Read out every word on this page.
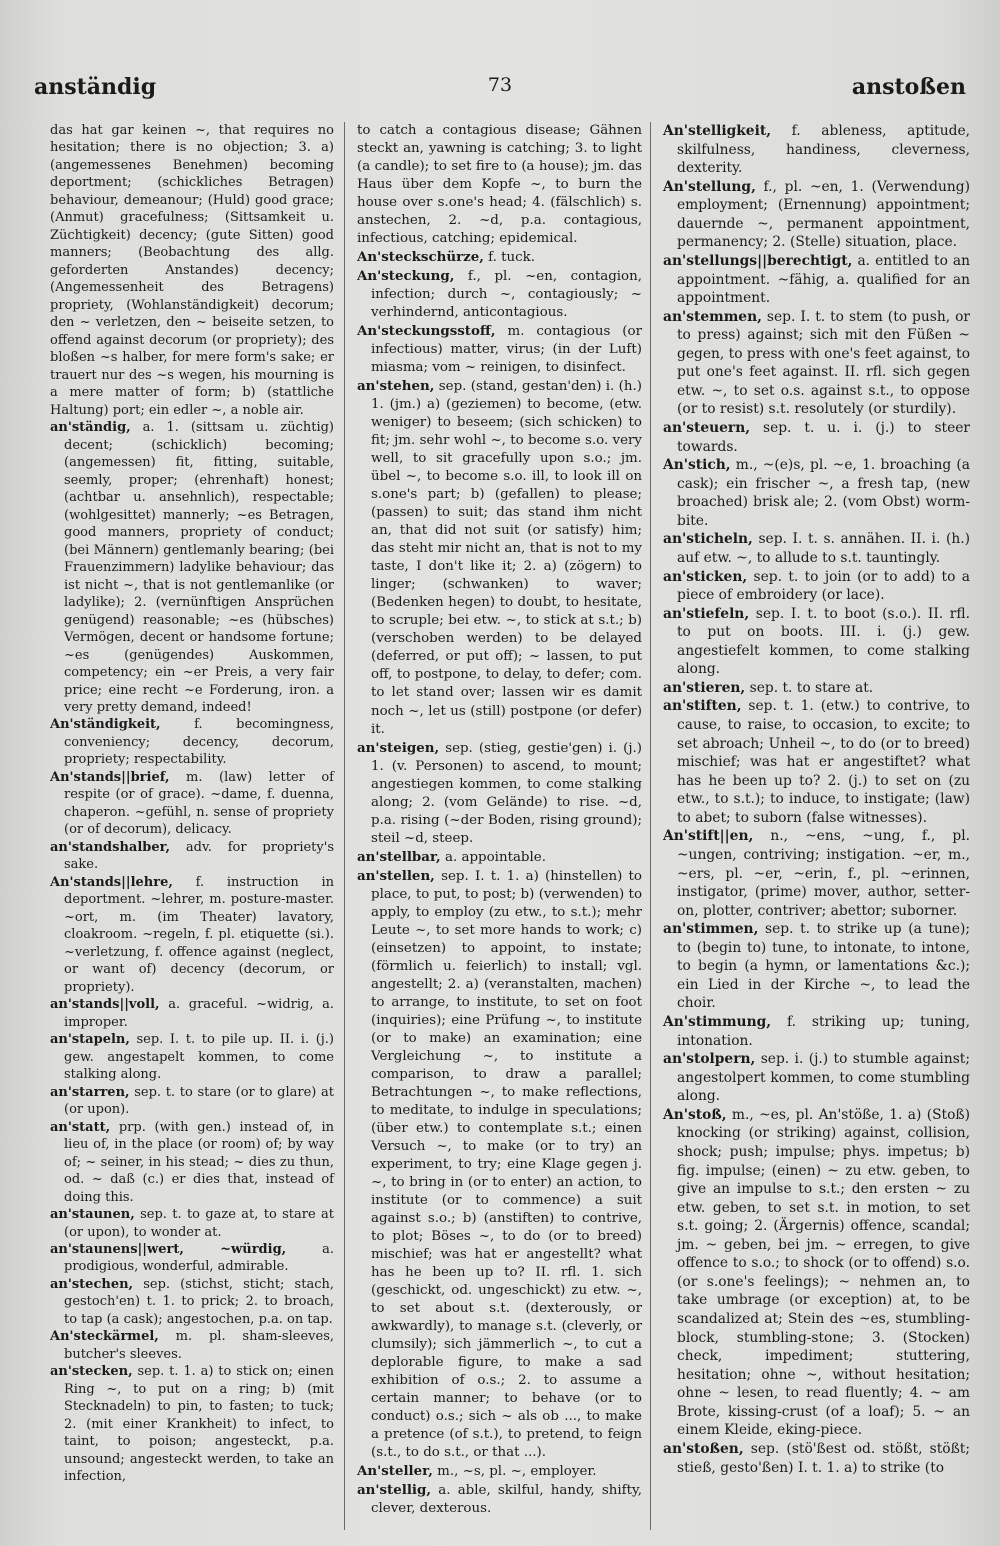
anständig	73	anstoßen

das hat gar keinen ~, that requires no hesitation; there is no objection; 3. a) (angemessenes Benehmen) becoming deportment; (schickliches Betragen) behaviour, demeanour; (Huld) good grace; (Anmut) gracefulness; (Sittsamkeit u. Züchtigkeit) decency; (gute Sitten) good manners; (Beobachtung des allg. geforderten Anstandes) decency; (Angemessenheit des Betragens) propriety, (Wohlanständigkeit) decorum; den ~ verletzen, den ~ beiseite setzen, to offend against decorum (or propriety); des bloßen ~s halber, for mere form's sake; er trauert nur des ~s wegen, his mourning is a mere matter of form; b) (stattliche Haltung) port; ein edler ~, a noble air.

an'ständig, a. 1. (sittsam u. züchtig) decent; (schicklich) becoming; (angemessen) fit, fitting, suitable, seemly, proper; (ehrenhaft) honest; (achtbar u. ansehnlich), respectable; (wohlgesittet) mannerly; ~es Betragen, good manners, propriety of conduct; (bei Männern) gentlemanly bearing; (bei Frauenzimmern) ladylike behaviour; das ist nicht ~, that is not gentlemanlike (or ladylike); 2. (vernünftigen Ansprüchen genügend) reasonable; ~es (hübsches) Vermögen, decent or handsome fortune; ~es (genügendes) Auskommen, competency; ein ~er Preis, a very fair price; eine recht ~e Forderung, iron. a very pretty demand, indeed!

An'ständigkeit, f. becomingness, conveniency; decency, decorum, propriety; respectability.

An'stands||brief, m. (law) letter of respite (or of grace). ~dame, f. duenna, chaperon. ~gefühl, n. sense of propriety (or of decorum), delicacy.

an'standshalber, adv. for propriety's sake.

An'stands||lehre, f. instruction in deportment. ~lehrer, m. posture-master. ~ort, m. (im Theater) lavatory, cloakroom. ~regeln, f. pl. etiquette (si.). ~verletzung, f. offence against (neglect, or want of) decency (decorum, or propriety).

an'stands||voll, a. graceful. ~widrig, a. improper.

an'stapeln, sep. I. t. to pile up. II. i. (j.) gew. angestapelt kommen, to come stalking along.

an'starren, sep. t. to stare (or to glare) at (or upon).

an'statt, prp. (with gen.) instead of, in lieu of, in the place (or room) of; by way of; ~ seiner, in his stead; ~ dies zu thun, od. ~ daß (c.) er dies that, instead of doing this.

an'staunen, sep. t. to gaze at, to stare at (or upon), to wonder at.

an'staunens||wert, ~würdig, a. prodigious, wonderful, admirable.

an'stechen, sep. (stichst, sticht; stach, gestoch'en) t. 1. to prick; 2. to broach, to tap (a cask); angestochen, p.a. on tap.

An'steckärmel, m. pl. sham-sleeves, butcher's sleeves.

an'stecken, sep. t. 1. a) to stick on; einen Ring ~, to put on a ring; b) (mit Stecknadeln) to pin, to fasten; to tuck; 2. (mit einer Krankheit) to infect, to taint, to poison; angesteckt, p.a. unsound; angesteckt werden, to take an infection,

to catch a contagious disease; Gähnen steckt an, yawning is catching; 3. to light (a candle); to set fire to (a house); jm. das Haus über dem Kopfe ~, to burn the house over s.one's head; 4. (fälschlich) s. anstechen, 2. ~d, p.a. contagious, infectious, catching; epidemical.

An'steckschürze, f. tuck.

An'steckung, f., pl. ~en, contagion, infection; durch ~, contagiously; ~ verhindernd, anticontagious.

An'steckungsstoff, m. contagious (or infectious) matter, virus; (in der Luft) miasma; vom ~ reinigen, to disinfect.

an'stehen, sep. (stand, gestan'den) i. (h.) 1. (jm.) a) (geziemen) to become, (etw. weniger) to beseem; (sich schicken) to fit; jm. sehr wohl ~, to become s.o. very well, to sit gracefully upon s.o.; jm. übel ~, to become s.o. ill, to look ill on s.one's part; b) (gefallen) to please; (passen) to suit; das stand ihm nicht an, that did not suit (or satisfy) him; das steht mir nicht an, that is not to my taste, I don't like it; 2. a) (zögern) to linger; (schwanken) to waver; (Bedenken hegen) to doubt, to hesitate, to scruple; bei etw. ~, to stick at s.t.; b) (verschoben werden) to be delayed (deferred, or put off); ~ lassen, to put off, to postpone, to delay, to defer; com. to let stand over; lassen wir es damit noch ~, let us (still) postpone (or defer) it.

an'steigen, sep. (stieg, gestie'gen) i. (j.) 1. (v. Personen) to ascend, to mount; angestiegen kommen, to come stalking along; 2. (vom Gelände) to rise. ~d, p.a. rising (~der Boden, rising ground); steil ~d, steep.

an'stellbar, a. appointable.

an'stellen, sep. I. t. 1. a) (hinstellen) to place, to put, to post; b) (verwenden) to apply, to employ (zu etw., to s.t.); mehr Leute ~, to set more hands to work; c) (einsetzen) to appoint, to instate; (förmlich u. feierlich) to install; vgl. angestellt; 2. a) (veranstalten, machen) to arrange, to institute, to set on foot (inquiries); eine Prüfung ~, to institute (or to make) an examination; eine Vergleichung ~, to institute a comparison, to draw a parallel; Betrachtungen ~, to make reflections, to meditate, to indulge in speculations; (über etw.) to contemplate s.t.; einen Versuch ~, to make (or to try) an experiment, to try; eine Klage gegen j. ~, to bring in (or to enter) an action, to institute (or to commence) a suit against s.o.; b) (anstiften) to contrive, to plot; Böses ~, to do (or to breed) mischief; was hat er angestellt? what has he been up to? II. rfl. 1. sich (geschickt, od. ungeschickt) zu etw. ~, to set about s.t. (dexterously, or awkwardly), to manage s.t. (cleverly, or clumsily); sich jämmerlich ~, to cut a deplorable figure, to make a sad exhibition of o.s.; 2. to assume a certain manner; to behave (or to conduct) o.s.; sich ~ als ob ..., to make a pretence (of s.t.), to pretend, to feign (s.t., to do s.t., or that ...).

An'steller, m., ~s, pl. ~, employer.

an'stellig, a. able, skilful, handy, shifty, clever, dexterous.

An'stelligkeit, f. ableness, aptitude, skilfulness, handiness, cleverness, dexterity.

An'stellung, f., pl. ~en, 1. (Verwendung) employment; (Ernennung) appointment; dauernde ~, permanent appointment, permanency; 2. (Stelle) situation, place.

an'stellungs||berechtigt, a. entitled to an appointment. ~fähig, a. qualified for an appointment.

an'stemmen, sep. I. t. to stem (to push, or to press) against; sich mit den Füßen ~ gegen, to press with one's feet against, to put one's feet against. II. rfl. sich gegen etw. ~, to set o.s. against s.t., to oppose (or to resist) s.t. resolutely (or sturdily).

an'steuern, sep. t. u. i. (j.) to steer towards.

An'stich, m., ~(e)s, pl. ~e, 1. broaching (a cask); ein frischer ~, a fresh tap, (new broached) brisk ale; 2. (vom Obst) worm-bite.

an'sticheln, sep. I. t. s. annähen. II. i. (h.) auf etw. ~, to allude to s.t. tauntingly.

an'sticken, sep. t. to join (or to add) to a piece of embroidery (or lace).

an'stiefeln, sep. I. t. to boot (s.o.). II. rfl. to put on boots. III. i. (j.) gew. angestiefelt kommen, to come stalking along.

an'stieren, sep. t. to stare at.

an'stiften, sep. t. 1. (etw.) to contrive, to cause, to raise, to occasion, to excite; to set abroach; Unheil ~, to do (or to breed) mischief; was hat er angestiftet? what has he been up to? 2. (j.) to set on (zu etw., to s.t.); to induce, to instigate; (law) to abet; to suborn (false witnesses).

An'stift||en, n., ~ens, ~ung, f., pl. ~ungen, contriving; instigation. ~er, m., ~ers, pl. ~er, ~erin, f., pl. ~erinnen, instigator, (prime) mover, author, setter-on, plotter, contriver; abettor; suborner.

an'stimmen, sep. t. to strike up (a tune); to (begin to) tune, to intonate, to intone, to begin (a hymn, or lamentations &c.); ein Lied in der Kirche ~, to lead the choir.

An'stimmung, f. striking up; tuning, intonation.

an'stolpern, sep. i. (j.) to stumble against; angestolpert kommen, to come stumbling along.

An'stoß, m., ~es, pl. An'stöße, 1. a) (Stoß) knocking (or striking) against, collision, shock; push; impulse; phys. impetus; b) fig. impulse; (einen) ~ zu etw. geben, to give an impulse to s.t.; den ersten ~ zu etw. geben, to set s.t. in motion, to set s.t. going; 2. (Ärgernis) offence, scandal; jm. ~ geben, bei jm. ~ erregen, to give offence to s.o.; to shock (or to offend) s.o. (or s.one's feelings); ~ nehmen an, to take umbrage (or exception) at, to be scandalized at; Stein des ~es, stumbling-block, stumbling-stone; 3. (Stocken) check, impediment; stuttering, hesitation; ohne ~, without hesitation; ohne ~ lesen, to read fluently; 4. ~ am Brote, kissing-crust (of a loaf); 5. ~ an einem Kleide, eking-piece.

an'stoßen, sep. (stö'ßest od. stößt, stößt; stieß, gesto'ßen) I. t. 1. a) to strike (to
